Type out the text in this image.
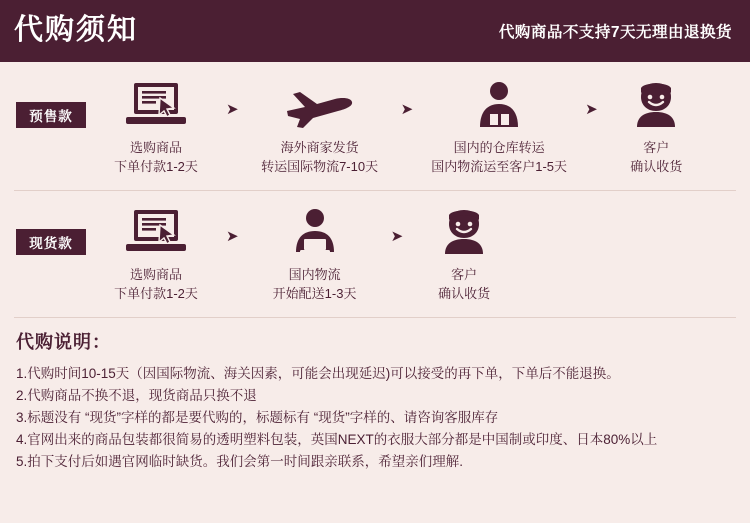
代购须知	代购商品不支持7天无理由退换货
预售款
选购商品
下单付款1-2天
➤
海外商家发货
转运国际物流7-10天
➤
国内的仓库转运
国内物流运至客户1-5天
➤
客户
确认收货
现货款
选购商品
下单付款1-2天
➤
国内物流
开始配送1-3天
➤
客户
确认收货
代购说明：
1.代购时间10-15天（因国际物流、海关因素，可能会出现延迟)可以接受的再下单，下单后不能退换。
2.代购商品不换不退，现货商品只换不退
3.标题没有 “现货”字样的都是要代购的，标题标有 “现货”字样的、请咨询客服库存
4.官网出来的商品包装都很简易的透明塑料包装，英国NEXT的衣服大部分都是中国制或印度、日本80%以上
5.拍下支付后如遇官网临时缺货。我们会第一时间跟亲联系，希望亲们理解.
